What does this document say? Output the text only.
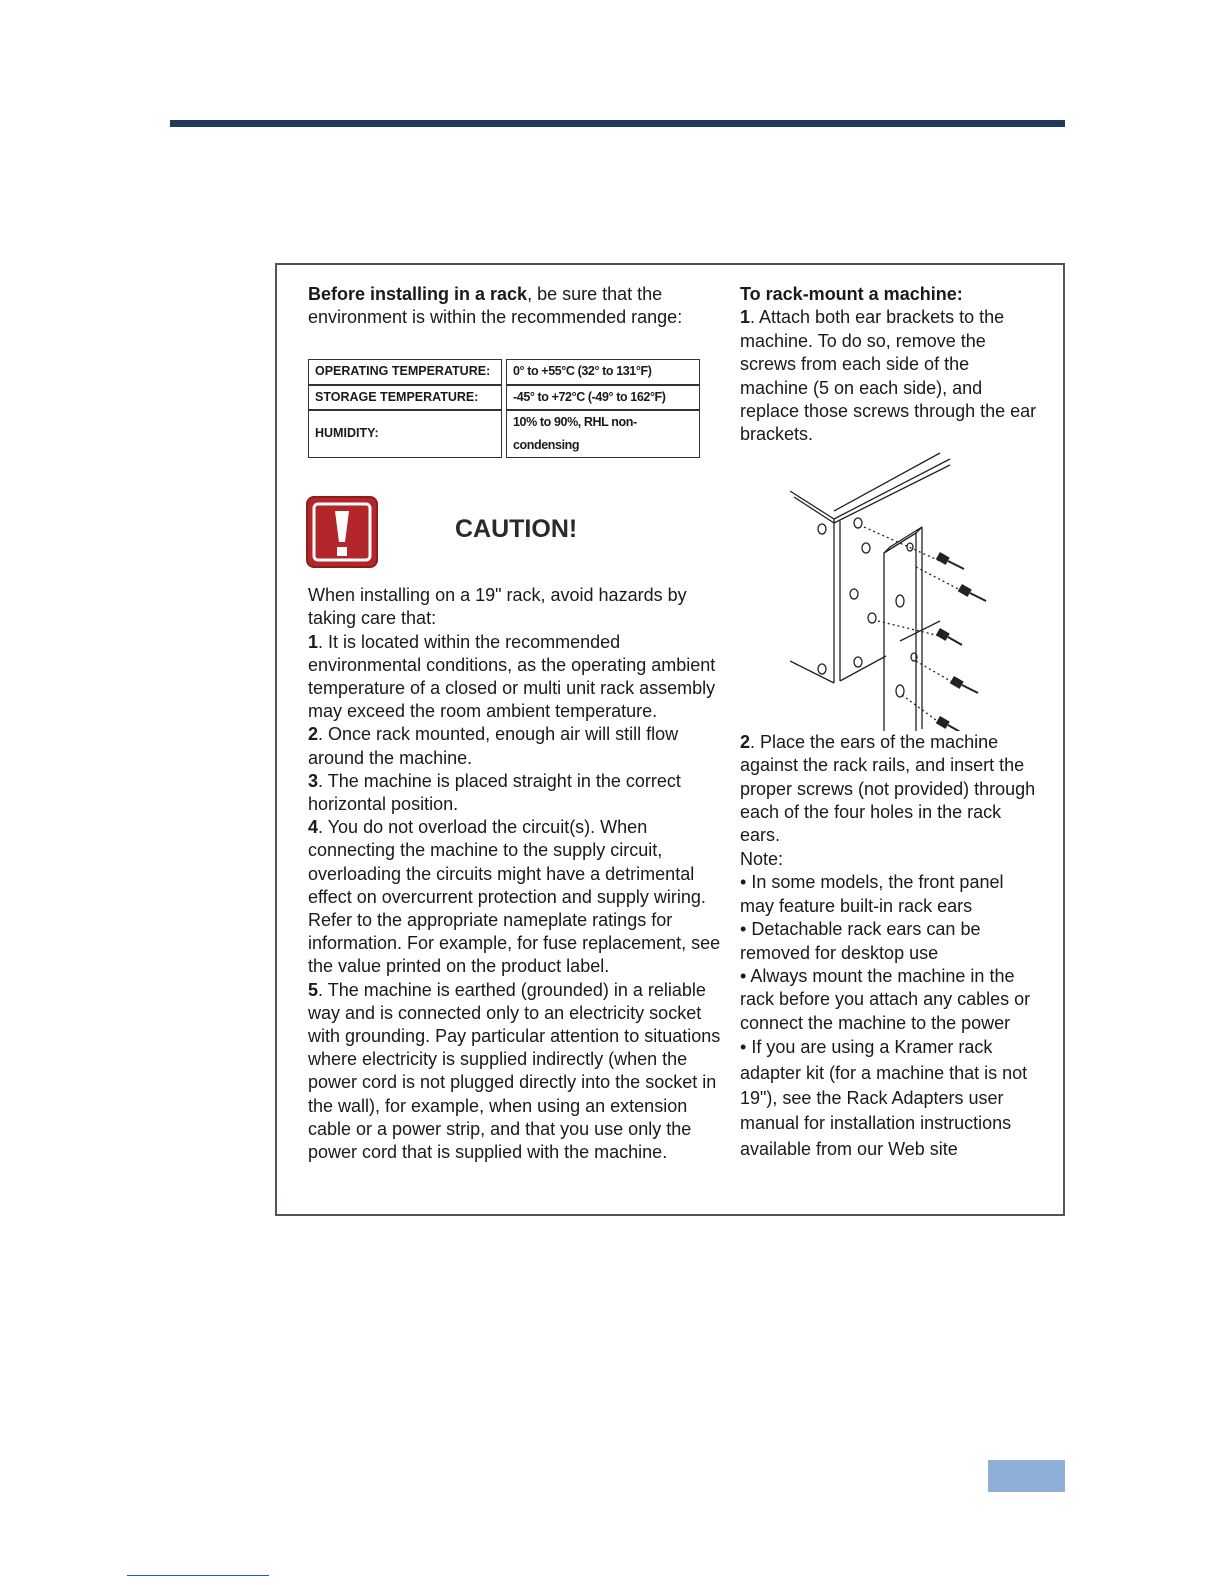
Before installing in a rack, be sure that the environment is within the recommended range:

OPERATING TEMPERATURE:	0° to +55°C (32° to 131°F)
STORAGE TEMPERATURE:	-45° to +72°C (-49° to 162°F)
HUMIDITY:	10% to 90%, RHL non-condensing
CAUTION!

When installing on a 19" rack, avoid hazards by taking care that:

1. It is located within the recommended environmental conditions, as the operating ambient temperature of a closed or multi unit rack assembly may exceed the room ambient temperature.

2. Once rack mounted, enough air will still flow around the machine.

3. The machine is placed straight in the correct horizontal position.

4. You do not overload the circuit(s). When connecting the machine to the supply circuit, overloading the circuits might have a detrimental effect on overcurrent protection and supply wiring. Refer to the appropriate nameplate ratings for information. For example, for fuse replacement, see the value printed on the product label.

5. The machine is earthed (grounded) in a reliable way and is connected only to an electricity socket with grounding. Pay particular attention to situations where electricity is supplied indirectly (when the power cord is not plugged directly into the socket in the wall), for example, when using an extension cable or a power strip, and that you use only the power cord that is supplied with the machine.

To rack-mount a machine:

1. Attach both ear brackets to the machine. To do so, remove the screws from each side of the machine (5 on each side), and replace those screws through the ear brackets.

2. Place the ears of the machine against the rack rails, and insert the proper screws (not provided) through each of the four holes in the rack ears.

Note:

• In some models, the front panel may feature built-in rack ears

• Detachable rack ears can be removed for desktop use

• Always mount the machine in the rack before you attach any cables or connect the machine to the power

• If you are using a Kramer rack adapter kit (for a machine that is not 19"), see the Rack Adapters user manual for installation instructions available from our Web site
